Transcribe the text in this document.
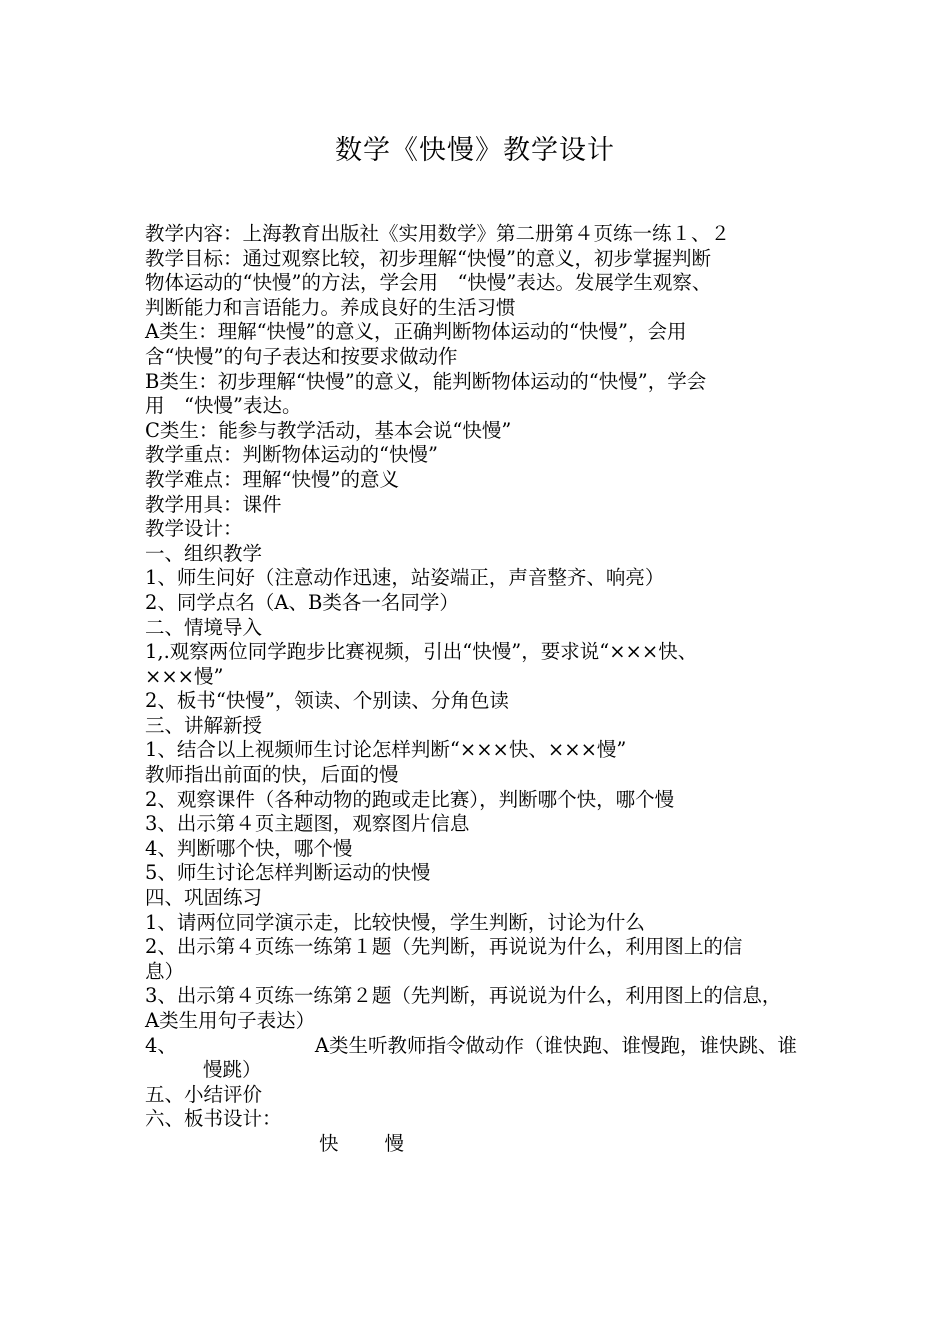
数学《快慢》教学设计
教学内容：上海教育出版社《实用数学》第二册第４页练一练１、２
教学目标：通过观察比较，初步理解“快慢”的意义，初步掌握判断
物体运动的“快慢”的方法，学会用　“快慢”表达。发展学生观察、
判断能力和言语能力。养成良好的生活习惯
A类生：理解“快慢”的意义，正确判断物体运动的“快慢”，会用
含“快慢”的句子表达和按要求做动作
B类生：初步理解“快慢”的意义，能判断物体运动的“快慢”，学会
用　“快慢”表达。
C类生：能参与教学活动，基本会说“快慢”
教学重点：判断物体运动的“快慢”
教学难点：理解“快慢”的意义
教学用具：课件
教学设计：
一、组织教学
1、师生问好（注意动作迅速，站姿端正，声音整齐、响亮）
2、同学点名（A、B类各一名同学）
二、情境导入
1,.观察两位同学跑步比赛视频，引出“快慢”，要求说“×××快、
×××慢”
2、板书“快慢”，领读、个别读、分角色读
三、讲解新授
1、结合以上视频师生讨论怎样判断“×××快、×××慢”
教师指出前面的快，后面的慢
2、观察课件（各种动物的跑或走比赛），判断哪个快，哪个慢
3、出示第４页主题图，观察图片信息
4、判断哪个快，哪个慢
5、师生讨论怎样判断运动的快慢
四、巩固练习
1、请两位同学演示走，比较快慢，学生判断，讨论为什么
2、出示第４页练一练第１题（先判断，再说说为什么，利用图上的信
息）
3、出示第４页练一练第２题（先判断，再说说为什么，利用图上的信息，
A类生用句子表达）
4、	A类生听教师指令做动作（谁快跑、谁慢跑，谁快跳、谁
慢跳）
五、小结评价
六、板书设计：
快 慢
